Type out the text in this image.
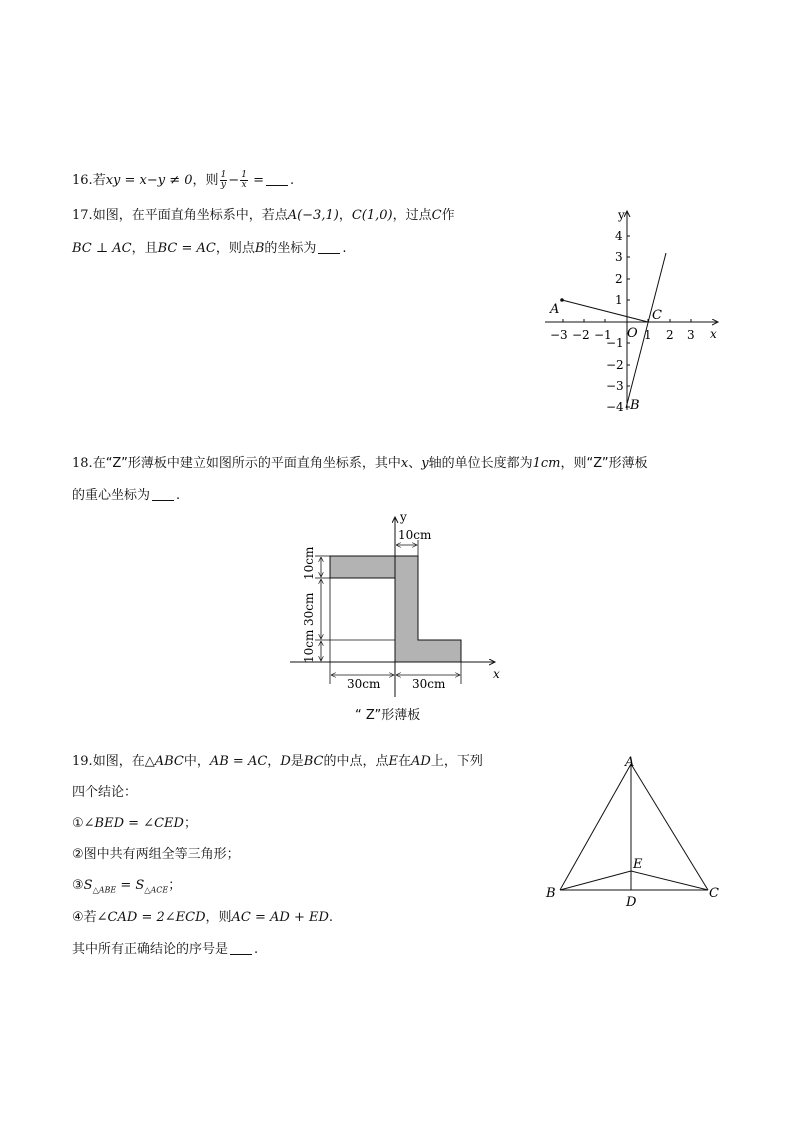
16.若xy = x−y ≠ 0，则 $\frac{1}{y} - \frac{1}{x}$ = .
17.如图，在平面直角坐标系中，若点A(−3,1)，C(1,0)，过点C作
BC ⊥ AC，且BC = AC，则点B的坐标为 .
y
x
O
A	C
B
−3 −2 −1	1 2 3
4
3
2
1
−1
−2
−3
−4
18.在“Z”形薄板中建立如图所示的平面直角坐标系，其中x、y轴的单位长度都为1cm，则“Z”形薄板
的重心坐标为 .
y
x
10cm
10cm
30cm
10cm
30cm	30cm
“ Z”形薄板
19.如图，在△ABC中，AB = AC，D是BC的中点，点E在AD上，下列
四个结论：
①∠BED = ∠CED；
②图中共有两组全等三角形；
$③S_{\triangle ABE} = S_{\triangle ACE}$；
④若∠CAD = 2∠ECD，则AC = AD + ED.
其中所有正确结论的序号是 .
A
B	C
D
E
